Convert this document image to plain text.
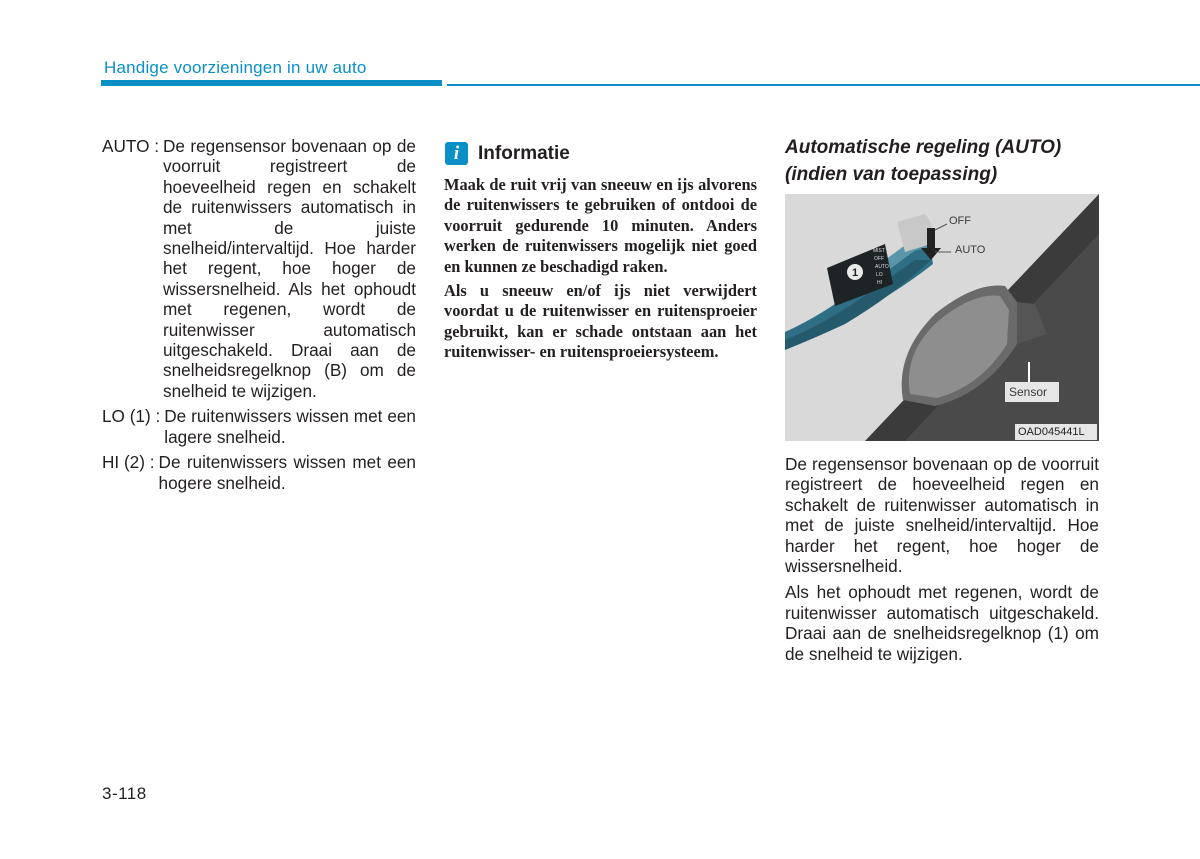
Handige voorzieningen in uw auto
AUTO : De regensensor bovenaan op de voorruit registreert de hoeveelheid regen en schakelt de ruitenwissers automatisch in met de juiste snelheid/intervaltijd. Hoe harder het regent, hoe hoger de wissersnelheid. Als het ophoudt met regenen, wordt de ruitenwisser automatisch uitgeschakeld. Draai aan de snelheidsregelknop (B) om de snelheid te wijzigen.
LO (1) : De ruitenwissers wissen met een lagere snelheid.
HI (2) : De ruitenwissers wissen met een hogere snelheid.
i Informatie

Maak de ruit vrij van sneeuw en ijs alvorens de ruitenwissers te gebruiken of ontdooi de voorruit gedurende 10 minuten. Anders werken de ruitenwissers mogelijk niet goed en kunnen ze beschadigd raken.

Als u sneeuw en/of ijs niet verwijdert voordat u de ruitenwisser en ruitensproeier gebruikt, kan er schade ontstaan aan het ruitenwisser- en ruitensproeiersysteem.

Automatische regeling (AUTO) (indien van toepassing)
1
MIST
OFF
AUTO
LO
HI
OFF
AUTO
Sensor
OAD045441L

De regensensor bovenaan op de voorruit registreert de hoeveelheid regen en schakelt de ruitenwisser automatisch in met de juiste snelheid/intervaltijd. Hoe harder het regent, hoe hoger de wissersnelheid.

Als het ophoudt met regenen, wordt de ruitenwisser automatisch uitgeschakeld. Draai aan de snelheidsregelknop (1) om de snelheid te wijzigen.

3-118
